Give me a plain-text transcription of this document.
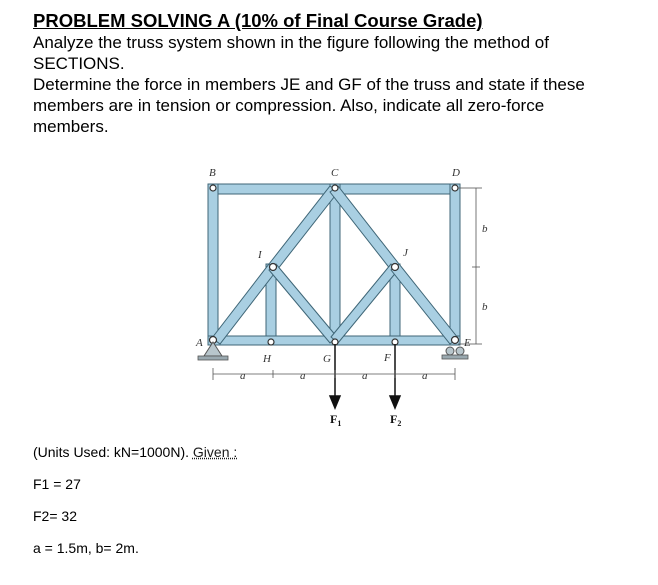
PROBLEM SOLVING A (10% of Final Course Grade)

Analyze the truss system shown in the figure following the method of

SECTIONS.

Determine the force in members JE and GF of the truss and state if these

members are in tension or compression. Also, indicate all zero-force

members.

A
B	C	D
I	J
E
H	G	F
a	a	a	a
b
b
$F_1$	$F_2$
(Units Used: kN=1000N). Given :
F1 = 27
F2= 32
a = 1.5m, b= 2m.
